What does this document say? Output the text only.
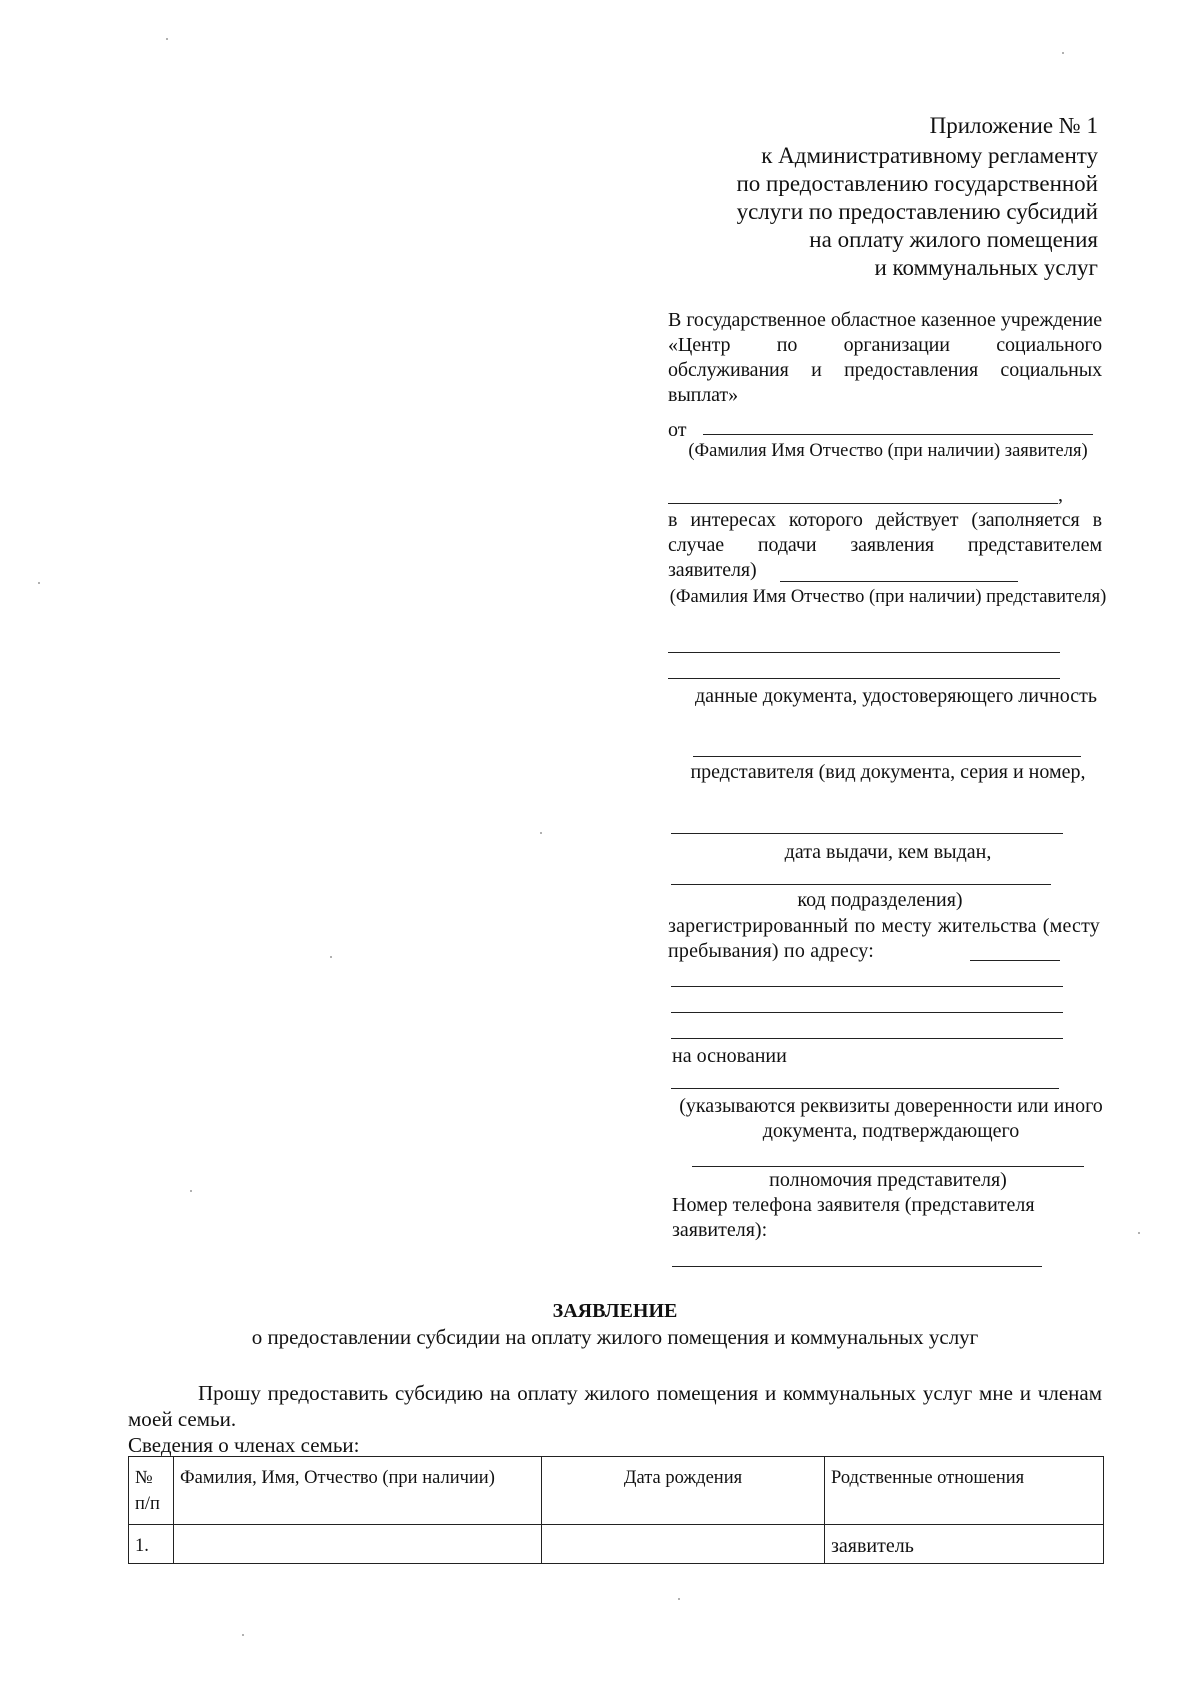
Приложение № 1
к Административному регламенту
по предоставлению государственной
услуги по предоставлению субсидий
на оплату жилого помещения
и коммунальных услуг
В государственное областное казенное учреждение «Центр по организации социального обслуживания и предоставления социальных выплат»
от
(Фамилия Имя Отчество (при наличии) заявителя)
,
в интересах которого действует (заполняется в случае подачи заявления представителем заявителя)
(Фамилия Имя Отчество (при наличии) представителя)
данные документа, удостоверяющего личность
представителя (вид документа, серия и номер,
дата выдачи, кем выдан,
код подразделения)
зарегистрированный по месту жительства (месту пребывания) по адресу:
на основании
(указываются реквизиты доверенности или иного документа, подтверждающего
полномочия представителя)
Номер телефона заявителя (представителя заявителя):
ЗАЯВЛЕНИЕ
о предоставлении субсидии на оплату жилого помещения и коммунальных услуг
Прошу предоставить субсидию на оплату жилого помещения и коммунальных услуг мне и членам моей семьи.
Сведения о членах семьи:
№ п/п	Фамилия, Имя, Отчество (при наличии)	Дата рождения	Родственные отношения
1.			заявитель
